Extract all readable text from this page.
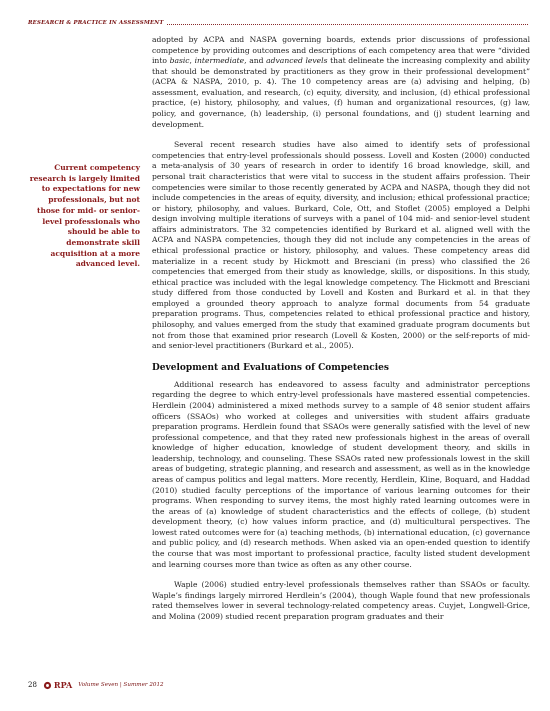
RESEARCH & PRACTICE IN ASSESSMENT
Current competency research is largely limited to expectations for new professionals, but not those for mid- or senior-level professionals who should be able to demonstrate skill acquisition at a more advanced level.

adopted by ACPA and NASPA governing boards, extends prior discussions of professional competence by providing outcomes and descriptions of each competency area that were “divided into basic, intermediate, and advanced levels that delineate the increasing complexity and ability that should be demonstrated by practitioners as they grow in their professional development” (ACPA & NASPA, 2010, p. 4). The 10 competency areas are (a) advising and helping, (b) assessment, evaluation, and research, (c) equity, diversity, and inclusion, (d) ethical professional practice, (e) history, philosophy, and values, (f) human and organizational resources, (g) law, policy, and governance, (h) leadership, (i) personal foundations, and (j) student learning and development.

Several recent research studies have also aimed to identify sets of professional competencies that entry-level professionals should possess. Lovell and Kosten (2000) conducted a meta-analysis of 30 years of research in order to identify 16 broad knowledge, skill, and personal trait characteristics that were vital to success in the student affairs profession. Their competencies were similar to those recently generated by ACPA and NASPA, though they did not include competencies in the areas of equity, diversity, and inclusion; ethical professional practice; or history, philosophy, and values. Burkard, Cole, Ott, and Stoflet (2005) employed a Delphi design involving multiple iterations of surveys with a panel of 104 mid- and senior-level student affairs administrators. The 32 competencies identified by Burkard et al. aligned well with the ACPA and NASPA competencies, though they did not include any competencies in the areas of ethical professional practice or history, philosophy, and values. These competency areas did materialize in a recent study by Hickmott and Bresciani (in press) who classified the 26 competencies that emerged from their study as knowledge, skills, or dispositions. In this study, ethical practice was included with the legal knowledge competency. The Hickmott and Bresciani study differed from those conducted by Lovell and Kosten and Burkard et al. in that they employed a grounded theory approach to analyze formal documents from 54 graduate preparation programs. Thus, competencies related to ethical professional practice and history, philosophy, and values emerged from the study that examined graduate program documents but not from those that examined prior research (Lovell & Kosten, 2000) or the self-reports of mid- and senior-level practitioners (Burkard et al., 2005).

Development and Evaluations of Competencies

Additional research has endeavored to assess faculty and administrator perceptions regarding the degree to which entry-level professionals have mastered essential competencies. Herdlein (2004) administered a mixed methods survey to a sample of 48 senior student affairs officers (SSAOs) who worked at colleges and universities with student affairs graduate preparation programs. Herdlein found that SSAOs were generally satisfied with the level of new professional competence, and that they rated new professionals highest in the areas of overall knowledge of higher education, knowledge of student development theory, and skills in leadership, technology, and counseling. These SSAOs rated new professionals lowest in the skill areas of budgeting, strategic planning, and research and assessment, as well as in the knowledge areas of campus politics and legal matters. More recently, Herdlein, Kline, Boquard, and Haddad (2010) studied faculty perceptions of the importance of various learning outcomes for their programs. When responding to survey items, the most highly rated learning outcomes were in the areas of (a) knowledge of student characteristics and the effects of college, (b) student development theory, (c) how values inform practice, and (d) multicultural perspectives. The lowest rated outcomes were for (a) teaching methods, (b) international education, (c) governance and public policy, and (d) research methods. When asked via an open-ended question to identify the course that was most important to professional practice, faculty listed student development and learning courses more than twice as often as any other course.

Waple (2006) studied entry-level professionals themselves rather than SSAOs or faculty. Waple’s findings largely mirrored Herdlein’s (2004), though Waple found that new professionals rated themselves lower in several technology-related competency areas. Cuyjet, Longwell-Grice, and Molina (2009) studied recent preparation program graduates and their

28 RPA Volume Seven | Summer 2012
